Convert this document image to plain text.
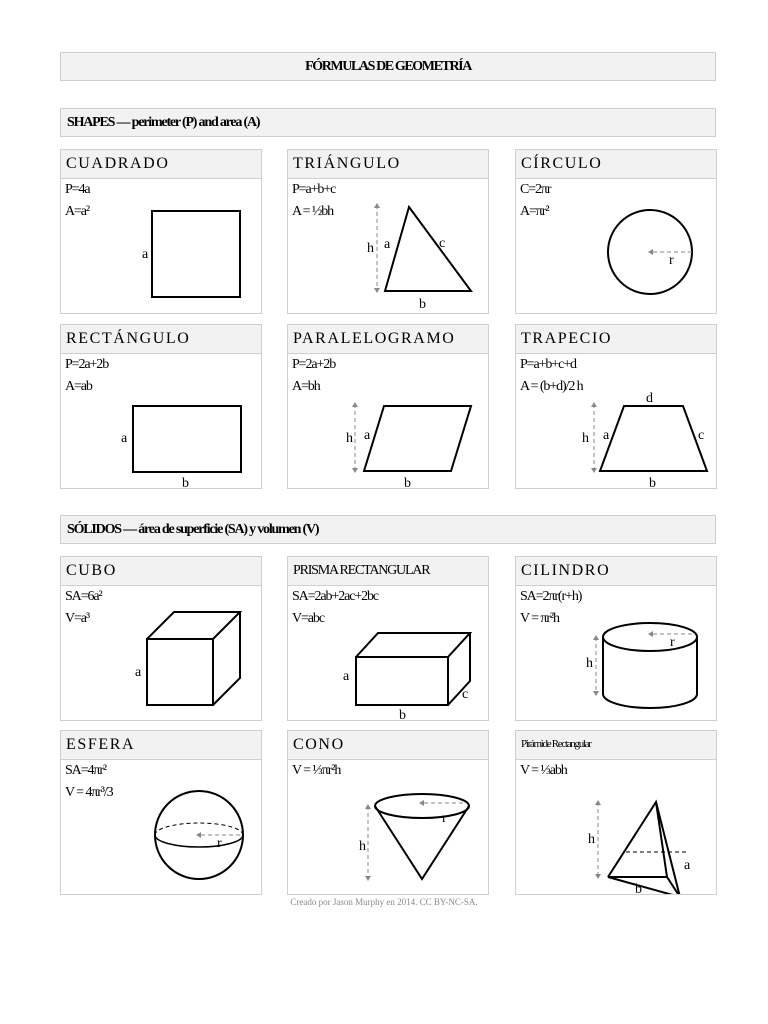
FÓRMULAS DE GEOMETRÍA
SHAPES — perimeter (P) and area (A)
CUADRADO
P=4a
A=a²
a
TRIÁNGULO
P=a+b+c
A = ½bh
h a	c
b
CÍRCULO
C=2πr
A=πr²
r
RECTÁNGULO
P=2a+2b
A=ab
a
b
PARALELOGRAMO
P=2a+2b
A=bh
h a
b
TRAPECIO
P=a+b+c+d
A = (b+d)/2 h
d
h a	c
b
SÓLIDOS — área de superficie (SA) y volumen (V)
CUBO
SA=6a²
V=a³
a
PRISMA RECTANGULAR
SA=2ab+2ac+2bc
V=abc
a
c
b
CILINDRO
SA=2πr(r+h)
V = πr²h
r
h
ESFERA
SA=4πr²
V = 4πr³/3
r
CONO
V = ⅓πr²h
r
h
Pirámide Rectangular
V = ⅓abh
h
a
b
Creado por Jason Murphy en 2014. CC BY-NC-SA.
